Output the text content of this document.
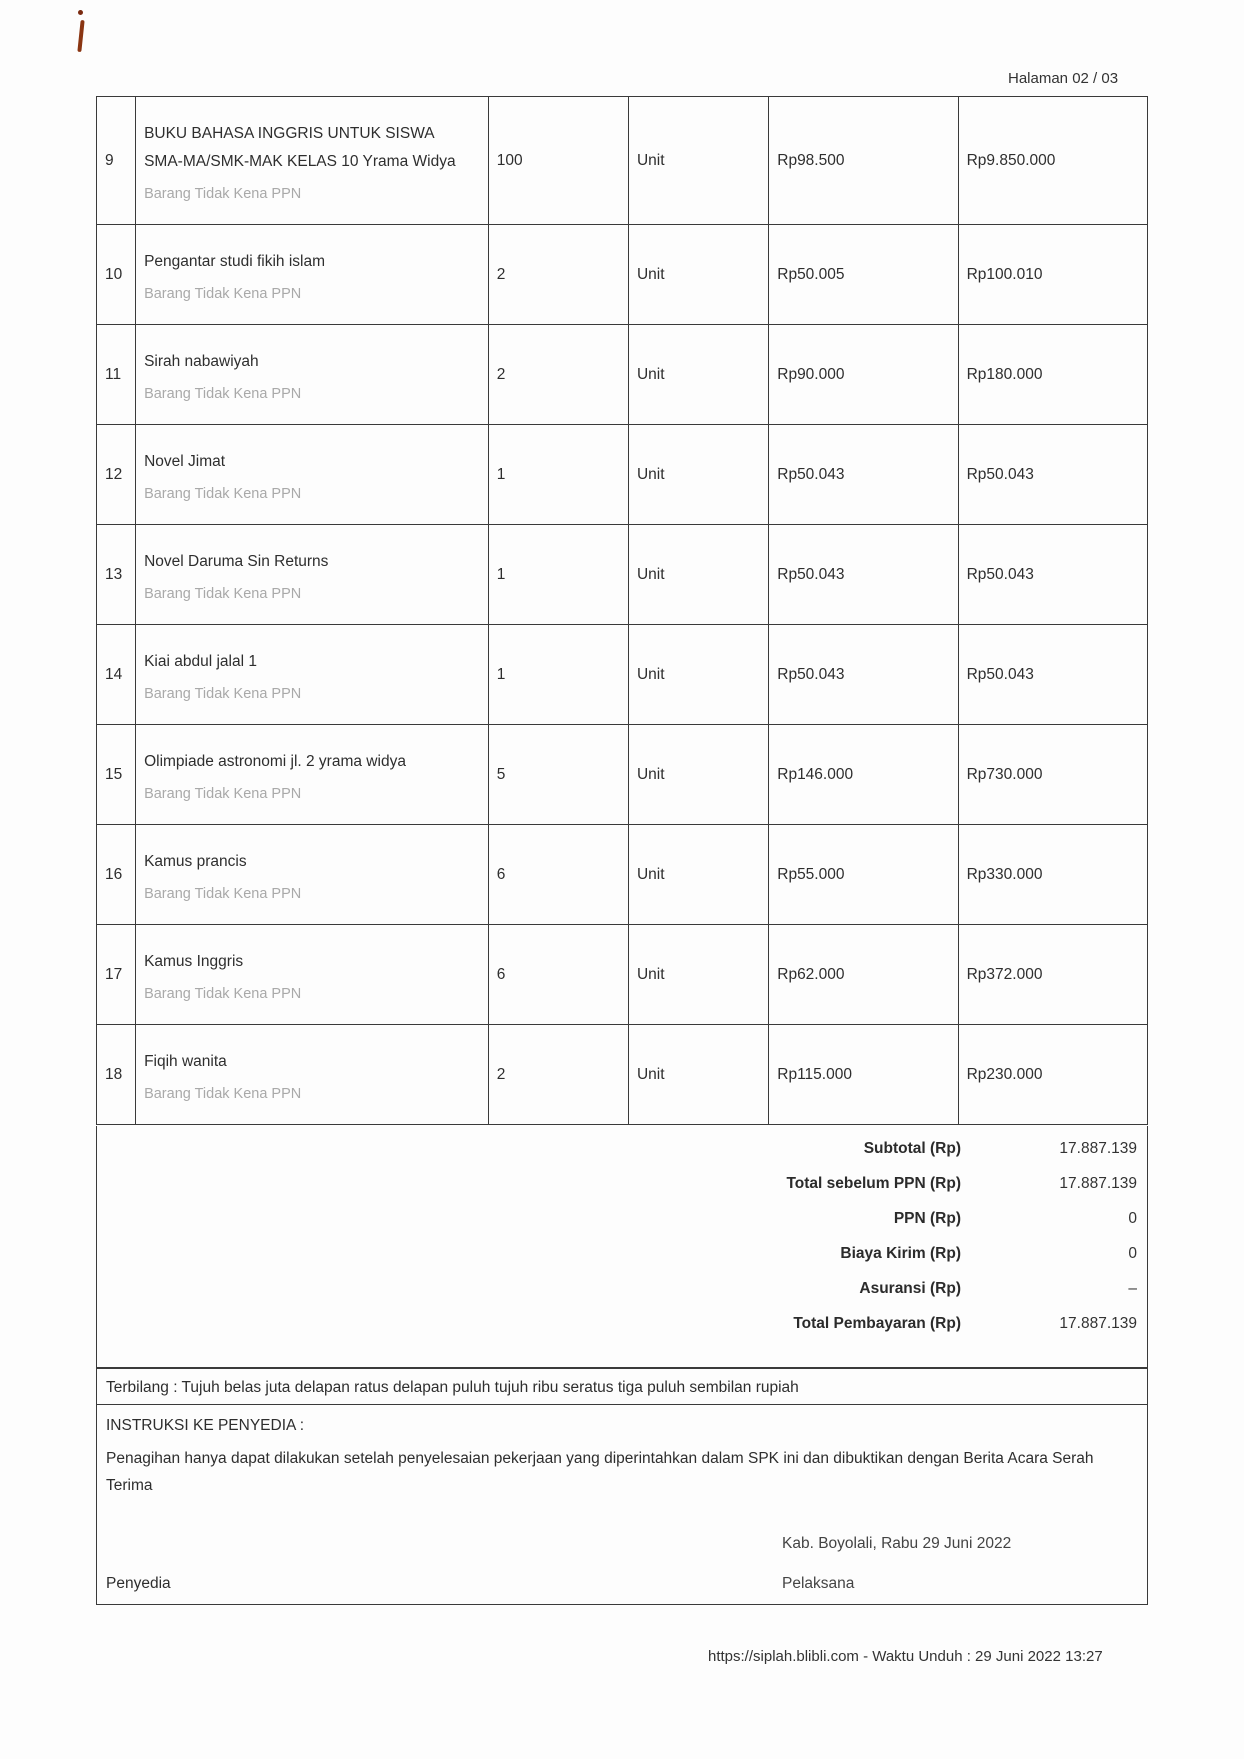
Halaman 02 / 03
9	BUKU BAHASA INGGRIS UNTUK SISWA
SMA-MA/SMK-MAK KELAS 10 Yrama Widya
Barang Tidak Kena PPN	100	Unit	Rp98.500	Rp9.850.000
10	Pengantar studi fikih islam
Barang Tidak Kena PPN	2	Unit	Rp50.005	Rp100.010
11	Sirah nabawiyah
Barang Tidak Kena PPN	2	Unit	Rp90.000	Rp180.000
12	Novel Jimat
Barang Tidak Kena PPN	1	Unit	Rp50.043	Rp50.043
13	Novel Daruma Sin Returns
Barang Tidak Kena PPN	1	Unit	Rp50.043	Rp50.043
14	Kiai abdul jalal 1
Barang Tidak Kena PPN	1	Unit	Rp50.043	Rp50.043
15	Olimpiade astronomi jl. 2 yrama widya
Barang Tidak Kena PPN	5	Unit	Rp146.000	Rp730.000
16	Kamus prancis
Barang Tidak Kena PPN	6	Unit	Rp55.000	Rp330.000
17	Kamus Inggris
Barang Tidak Kena PPN	6	Unit	Rp62.000	Rp372.000
18	Fiqih wanita
Barang Tidak Kena PPN	2	Unit	Rp115.000	Rp230.000
Subtotal (Rp)	17.887.139
Total sebelum PPN (Rp)	17.887.139
PPN (Rp)	0
Biaya Kirim (Rp)	0
Asuransi (Rp)	–
Total Pembayaran (Rp)	17.887.139
Terbilang : Tujuh belas juta delapan ratus delapan puluh tujuh ribu seratus tiga puluh sembilan rupiah
INSTRUKSI KE PENYEDIA :
Penagihan hanya dapat dilakukan setelah penyelesaian pekerjaan yang diperintahkan dalam SPK ini dan dibuktikan dengan Berita Acara Serah Terima
Kab. Boyolali, Rabu 29 Juni 2022
Penyedia	Pelaksana
https://siplah.blibli.com - Waktu Unduh : 29 Juni 2022 13:27
